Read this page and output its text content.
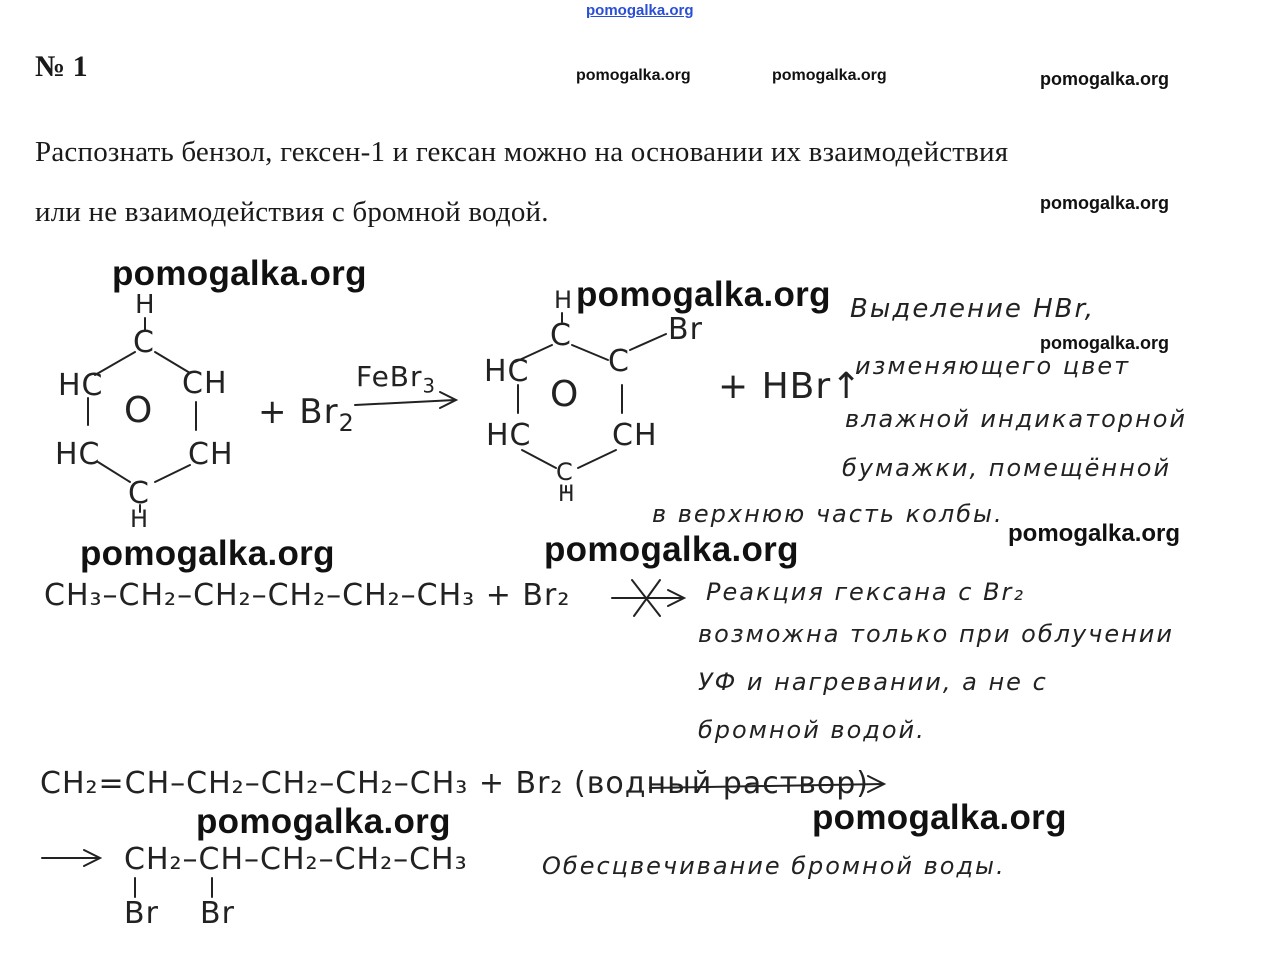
pomogalka.org
pomogalka.org	pomogalka.org	pomogalka.org
pomogalka.org
pomogalka.org
pomogalka.org
pomogalka.org
pomogalka.org
pomogalka.org	pomogalka.org
pomogalka.org	pomogalka.org
№ 1
Распознать бензол, гексен-1 и гексан можно на основании их взаимодействия
или не взаимодействия с бромной водой.
H
C
HC	CH
O
HC	CH
C
H
+ $Br_2$
FeBr$_3$
H
C
C
Br
HC
O
HC	CH
C
H
+ HBr↑
Выделение HBr,
изменяющего цвет
влажной индикаторной
бумажки, помещённой
в верхнюю часть колбы.
CH₃–CH₂–CH₂–CH₂–CH₂–CH₃ + Br₂	Реакция гексана с Br₂
возможна только при облучении
УФ и нагревании, а не с
бромной водой.
CH₂=CH–CH₂–CH₂–CH₂–CH₃ + Br₂ (водный раствор)
CH₂–CH–CH₂–CH₂–CH₃
Br Br
Обесцвечивание бромной воды.
